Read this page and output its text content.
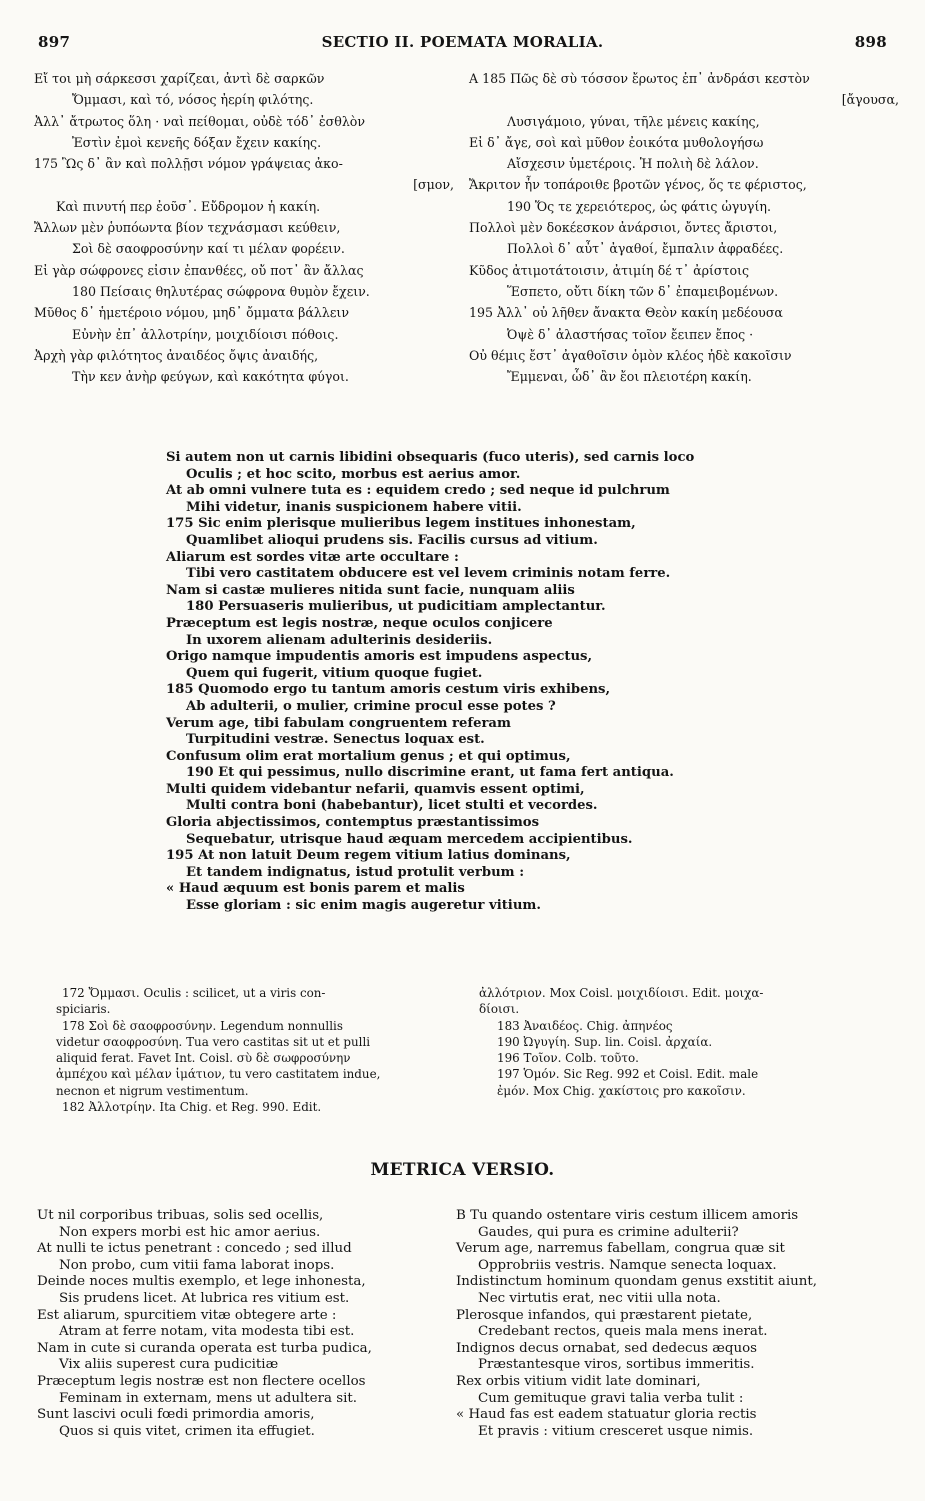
897	SECTIO II. POEMATA MORALIA.	898
Εἴ τοι μὴ σάρκεσσι χαρίζεαι, ἀντὶ δὲ σαρκῶν
Ὄμμασι, καὶ τό, νόσος ἠερίη φιλότης.
Ἀλλ᾽ ἄτρωτος ὅλη · ναὶ πείθομαι, οὐδὲ τόδ᾽ ἐσθλὸν
Ἐστὶν ἐμοὶ κενεῆς δόξαν ἔχειν κακίης.
175 Ὣς δ᾽ ἂν καὶ πολλῇσι νόμον γράψειας ἀκο-
[σμον,
Καὶ πινυτή περ ἐοῦσ᾽. Εὔδρομον ἡ κακίη.
Ἄλλων μὲν ῥυπόωντα βίον τεχνάσμασι κεύθειν,
Σοὶ δὲ σαοφροσύνην καί τι μέλαν φορέειν.
Εἰ γὰρ σώφρονες εἰσιν ἐπανθέες, οὔ ποτ᾽ ἂν ἄλλας
180 Πείσαις θηλυτέρας σώφρονα θυμὸν ἔχειν.
Μῦθος δ᾽ ἡμετέροιο νόμου, μηδ᾽ ὄμματα βάλλειν
Εὐνὴν ἐπ᾽ ἀλλοτρίην, μοιχιδίοισι πόθοις.
Ἀρχὴ γὰρ φιλότητος ἀναιδέος ὄψις ἀναιδής,
Τὴν κεν ἀνὴρ φεύγων, καὶ κακότητα φύγοι.
A 185 Πῶς δὲ σὺ τόσσον ἔρωτος ἐπ᾽ ἀνδράσι κεστὸν
[ἄγουσα,
Λυσιγάμοιο, γύναι, τῆλε μένεις κακίης,
Εἰ δ᾽ ἄγε, σοὶ καὶ μῦθον ἐοικότα μυθολογήσω
Αἴσχεσιν ὑμετέροις. Ἡ πολιὴ δὲ λάλον.
Ἄκριτον ἦν τοπάροιθε βροτῶν γένος, ὅς τε φέριστος,
190 Ὅς τε χερειότερος, ὡς φάτις ὠγυγίη.
Πολλοὶ μὲν δοκέεσκον ἀνάρσιοι, ὄντες ἄριστοι,
Πολλοὶ δ᾽ αὖτ᾽ ἀγαθοί, ἔμπαλιν ἀφραδέες.
Κῦδος ἀτιμοτάτοισιν, ἀτιμίη δέ τ᾽ ἀρίστοις
Ἕσπετο, οὔτι δίκη τῶν δ᾽ ἐπαμειβομένων.
195 Ἀλλ᾽ οὐ λῆθεν ἄνακτα Θεὸν κακίη μεδέουσα
Ὀψὲ δ᾽ ἀλαστήσας τοῖον ἔειπεν ἔπος ·
Οὐ θέμις ἔστ᾽ ἀγαθοῖσιν ὁμὸν κλέος ἠδὲ κακοῖσιν
Ἔμμεναι, ὧδ᾽ ἂν ἔοι πλειοτέρη κακίη.
Si autem non ut carnis libidini obsequaris (fuco uteris), sed carnis loco
Oculis ; et hoc scito, morbus est aerius amor.
At ab omni vulnere tuta es : equidem credo ; sed neque id pulchrum
Mihi videtur, inanis suspicionem habere vitii.
175 Sic enim plerisque mulieribus legem institues inhonestam,
Quamlibet alioqui prudens sis. Facilis cursus ad vitium.
Aliarum est sordes vitæ arte occultare :
Tibi vero castitatem obducere est vel levem criminis notam ferre.
Nam si castæ mulieres nitida sunt facie, nunquam aliis
180 Persuaseris mulieribus, ut pudicitiam amplectantur.
Præceptum est legis nostræ, neque oculos conjicere
In uxorem alienam adulterinis desideriis.
Origo namque impudentis amoris est impudens aspectus,
Quem qui fugerit, vitium quoque fugiet.
185 Quomodo ergo tu tantum amoris cestum viris exhibens,
Ab adulterii, o mulier, crimine procul esse potes ?
Verum age, tibi fabulam congruentem referam
Turpitudini vestræ. Senectus loquax est.
Confusum olim erat mortalium genus ; et qui optimus,
190 Et qui pessimus, nullo discrimine erant, ut fama fert antiqua.
Multi quidem videbantur nefarii, quamvis essent optimi,
Multi contra boni (habebantur), licet stulti et vecordes.
Gloria abjectissimos, contemptus præstantissimos
Sequebatur, utrisque haud æquam mercedem accipientibus.
195 At non latuit Deum regem vitium latius dominans,
Et tandem indignatus, istud protulit verbum :
« Haud æquum est bonis parem et malis
Esse gloriam : sic enim magis augeretur vitium.
172 Ὄμμασι. Oculis : scilicet, ut a viris con-
spiciaris.
178 Σοὶ δὲ σαοφροσύνην. Legendum nonnullis
videtur σαοφροσύνη. Tua vero castitas sit ut et pulli
aliquid ferat. Favet Int. Coisl. σὺ δὲ σωφροσύνην
ἀμπέχου καὶ μέλαν ἱμάτιον, tu vero castitatem indue,
necnon et nigrum vestimentum.
182 Ἀλλοτρίην. Ita Chig. et Reg. 990. Edit.
ἀλλότριον. Mox Coisl. μοιχιδίοισι. Edit. μοιχα-
δίοισι.
183 Ἀναιδέος. Chig. ἀπηνέος
190 Ὠγυγίη. Sup. lin. Coisl. ἀρχαία.
196 Τοῖον. Colb. τοῦτο.
197 Ὁμόν. Sic Reg. 992 et Coisl. Edit. male
ἐμόν. Mox Chig. χακίστοις pro κακοῖσιν.
METRICA VERSIO.
Ut nil corporibus tribuas, solis sed ocellis,
Non expers morbi est hic amor aerius.
At nulli te ictus penetrant : concedo ; sed illud
Non probo, cum vitii fama laborat inops.
Deinde noces multis exemplo, et lege inhonesta,
Sis prudens licet. At lubrica res vitium est.
Est aliarum, spurcitiem vitæ obtegere arte :
Atram at ferre notam, vita modesta tibi est.
Nam in cute si curanda operata est turba pudica,
Vix aliis superest cura pudicitiæ
Præceptum legis nostræ est non flectere ocellos
Feminam in externam, mens ut adultera sit.
Sunt lascivi oculi fœdi primordia amoris,
Quos si quis vitet, crimen ita effugiet.
B Tu quando ostentare viris cestum illicem amoris
Gaudes, qui pura es crimine adulterii?
Verum age, narremus fabellam, congrua quæ sit
Opprobriis vestris. Namque senecta loquax.
Indistinctum hominum quondam genus exstitit aiunt,
Nec virtutis erat, nec vitii ulla nota.
Plerosque infandos, qui præstarent pietate,
Credebant rectos, queis mala mens inerat.
Indignos decus ornabat, sed dedecus æquos
Præstantesque viros, sortibus immeritis.
Rex orbis vitium vidit late dominari,
Cum gemituque gravi talia verba tulit :
« Haud fas est eadem statuatur gloria rectis
Et pravis : vitium cresceret usque nimis.
